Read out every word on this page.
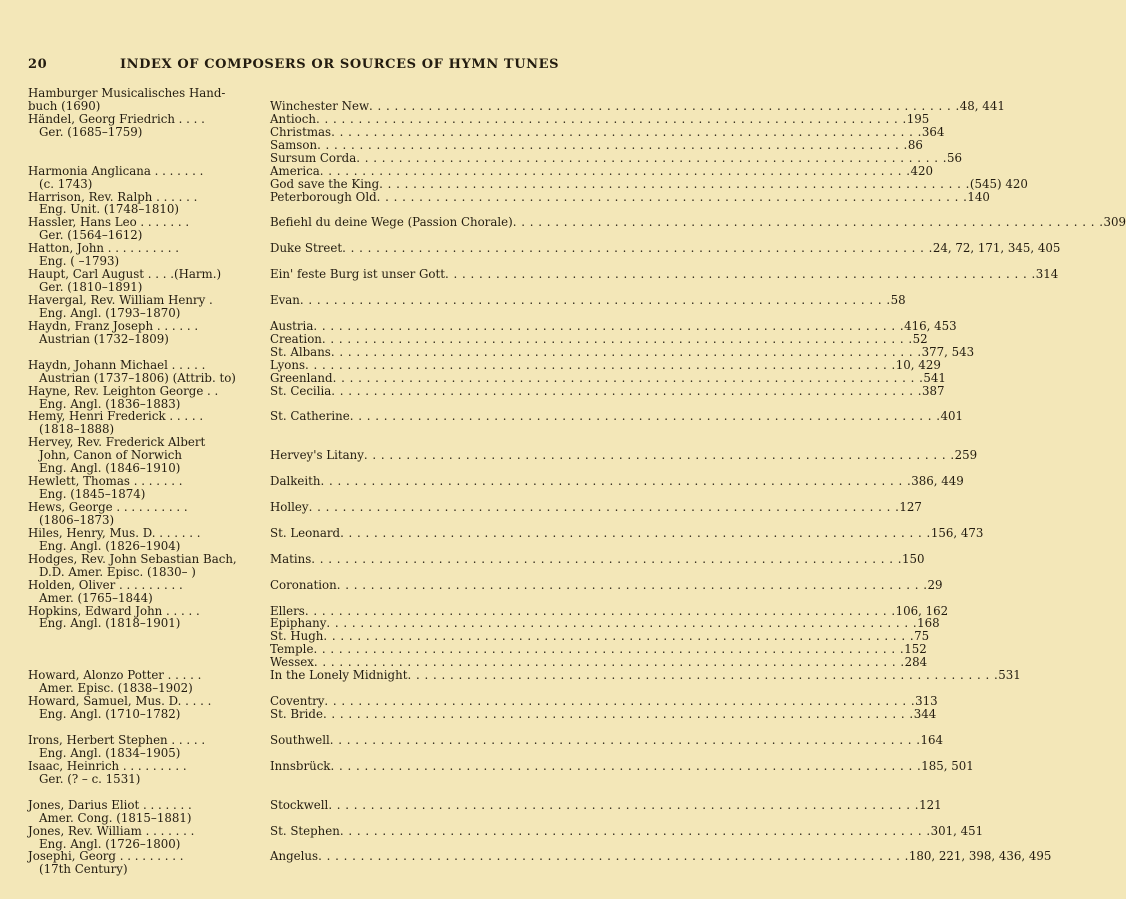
20	INDEX OF COMPOSERS OR SOURCES OF HYMN TUNES
Hamburger Musicalisches Hand-
buch (1690)	Winchester New . . . . . . . . . . . . . . . . . . . . . . . . . . . . . . . . . . . . . . . . . . . . . . . . . . . . . . . . . . . . . . . . . . . . . . 48, 441
Händel, Georg Friedrich . . . .	Antioch . . . . . . . . . . . . . . . . . . . . . . . . . . . . . . . . . . . . . . . . . . . . . . . . . . . . . . . . . . . . . . . . . . . . . . 195
Ger. (1685–1759)	Christmas . . . . . . . . . . . . . . . . . . . . . . . . . . . . . . . . . . . . . . . . . . . . . . . . . . . . . . . . . . . . . . . . . . . . . . 364
Samson . . . . . . . . . . . . . . . . . . . . . . . . . . . . . . . . . . . . . . . . . . . . . . . . . . . . . . . . . . . . . . . . . . . . . . 86
Sursum Corda . . . . . . . . . . . . . . . . . . . . . . . . . . . . . . . . . . . . . . . . . . . . . . . . . . . . . . . . . . . . . . . . . . . . . . 56
Harmonia Anglicana . . . . . . .	America . . . . . . . . . . . . . . . . . . . . . . . . . . . . . . . . . . . . . . . . . . . . . . . . . . . . . . . . . . . . . . . . . . . . . . 420
(c. 1743)	God save the King . . . . . . . . . . . . . . . . . . . . . . . . . . . . . . . . . . . . . . . . . . . . . . . . . . . . . . . . . . . . . . . . . . . . . . (545) 420
Harrison, Rev. Ralph . . . . . .	Peterborough Old . . . . . . . . . . . . . . . . . . . . . . . . . . . . . . . . . . . . . . . . . . . . . . . . . . . . . . . . . . . . . . . . . . . . . . 140
Eng. Unit. (1748–1810)
Hassler, Hans Leo . . . . . . .	Befiehl du deine Wege (Passion Chorale) . . . . . . . . . . . . . . . . . . . . . . . . . . . . . . . . . . . . . . . . . . . . . . . . . . . . . . . . . . . . . . . . . . . . . . 309
Ger. (1564–1612)
Hatton, John . . . . . . . . . .	Duke Street . . . . . . . . . . . . . . . . . . . . . . . . . . . . . . . . . . . . . . . . . . . . . . . . . . . . . . . . . . . . . . . . . . . . . . 24, 72, 171, 345, 405
Eng. ( –1793)
Haupt, Carl August . . . .(Harm.)	Ein' feste Burg ist unser Gott . . . . . . . . . . . . . . . . . . . . . . . . . . . . . . . . . . . . . . . . . . . . . . . . . . . . . . . . . . . . . . . . . . . . . . 314
Ger. (1810–1891)
Havergal, Rev. William Henry .	Evan . . . . . . . . . . . . . . . . . . . . . . . . . . . . . . . . . . . . . . . . . . . . . . . . . . . . . . . . . . . . . . . . . . . . . . 58
Eng. Angl. (1793–1870)
Haydn, Franz Joseph . . . . . .	Austria . . . . . . . . . . . . . . . . . . . . . . . . . . . . . . . . . . . . . . . . . . . . . . . . . . . . . . . . . . . . . . . . . . . . . . 416, 453
Austrian (1732–1809)	Creation . . . . . . . . . . . . . . . . . . . . . . . . . . . . . . . . . . . . . . . . . . . . . . . . . . . . . . . . . . . . . . . . . . . . . . 52
St. Albans . . . . . . . . . . . . . . . . . . . . . . . . . . . . . . . . . . . . . . . . . . . . . . . . . . . . . . . . . . . . . . . . . . . . . . 377, 543
Haydn, Johann Michael . . . . .	Lyons . . . . . . . . . . . . . . . . . . . . . . . . . . . . . . . . . . . . . . . . . . . . . . . . . . . . . . . . . . . . . . . . . . . . . . 10, 429
Austrian (1737–1806) (Attrib. to)	Greenland . . . . . . . . . . . . . . . . . . . . . . . . . . . . . . . . . . . . . . . . . . . . . . . . . . . . . . . . . . . . . . . . . . . . . . 541
Hayne, Rev. Leighton George . .	St. Cecilia . . . . . . . . . . . . . . . . . . . . . . . . . . . . . . . . . . . . . . . . . . . . . . . . . . . . . . . . . . . . . . . . . . . . . . 387
Eng. Angl. (1836–1883)
Hemy, Henri Frederick . . . . .	St. Catherine . . . . . . . . . . . . . . . . . . . . . . . . . . . . . . . . . . . . . . . . . . . . . . . . . . . . . . . . . . . . . . . . . . . . . . 401
(1818–1888)
Hervey, Rev. Frederick Albert
John, Canon of Norwich	Hervey's Litany . . . . . . . . . . . . . . . . . . . . . . . . . . . . . . . . . . . . . . . . . . . . . . . . . . . . . . . . . . . . . . . . . . . . . . 259
Eng. Angl. (1846–1910)
Hewlett, Thomas . . . . . . .	Dalkeith . . . . . . . . . . . . . . . . . . . . . . . . . . . . . . . . . . . . . . . . . . . . . . . . . . . . . . . . . . . . . . . . . . . . . . 386, 449
Eng. (1845–1874)
Hews, George . . . . . . . . . .	Holley . . . . . . . . . . . . . . . . . . . . . . . . . . . . . . . . . . . . . . . . . . . . . . . . . . . . . . . . . . . . . . . . . . . . . . 127
(1806–1873)
Hiles, Henry, Mus. D. . . . . . .	St. Leonard . . . . . . . . . . . . . . . . . . . . . . . . . . . . . . . . . . . . . . . . . . . . . . . . . . . . . . . . . . . . . . . . . . . . . . 156, 473
Eng. Angl. (1826–1904)
Hodges, Rev. John Sebastian Bach,	Matins . . . . . . . . . . . . . . . . . . . . . . . . . . . . . . . . . . . . . . . . . . . . . . . . . . . . . . . . . . . . . . . . . . . . . . 150
D.D. Amer. Episc. (1830– )
Holden, Oliver . . . . . . . . .	Coronation . . . . . . . . . . . . . . . . . . . . . . . . . . . . . . . . . . . . . . . . . . . . . . . . . . . . . . . . . . . . . . . . . . . . . . 29
Amer. (1765–1844)
Hopkins, Edward John . . . . .	Ellers . . . . . . . . . . . . . . . . . . . . . . . . . . . . . . . . . . . . . . . . . . . . . . . . . . . . . . . . . . . . . . . . . . . . . . 106, 162
Eng. Angl. (1818–1901)	Epiphany . . . . . . . . . . . . . . . . . . . . . . . . . . . . . . . . . . . . . . . . . . . . . . . . . . . . . . . . . . . . . . . . . . . . . . 168
St. Hugh . . . . . . . . . . . . . . . . . . . . . . . . . . . . . . . . . . . . . . . . . . . . . . . . . . . . . . . . . . . . . . . . . . . . . . 75
Temple . . . . . . . . . . . . . . . . . . . . . . . . . . . . . . . . . . . . . . . . . . . . . . . . . . . . . . . . . . . . . . . . . . . . . . 152
Wessex . . . . . . . . . . . . . . . . . . . . . . . . . . . . . . . . . . . . . . . . . . . . . . . . . . . . . . . . . . . . . . . . . . . . . . 284
Howard, Alonzo Potter . . . . .	In the Lonely Midnight . . . . . . . . . . . . . . . . . . . . . . . . . . . . . . . . . . . . . . . . . . . . . . . . . . . . . . . . . . . . . . . . . . . . . . 531
Amer. Episc. (1838–1902)
Howard, Samuel, Mus. D. . . . .	Coventry . . . . . . . . . . . . . . . . . . . . . . . . . . . . . . . . . . . . . . . . . . . . . . . . . . . . . . . . . . . . . . . . . . . . . . 313
Eng. Angl. (1710–1782)	St. Bride . . . . . . . . . . . . . . . . . . . . . . . . . . . . . . . . . . . . . . . . . . . . . . . . . . . . . . . . . . . . . . . . . . . . . . 344
Irons, Herbert Stephen . . . . .	Southwell . . . . . . . . . . . . . . . . . . . . . . . . . . . . . . . . . . . . . . . . . . . . . . . . . . . . . . . . . . . . . . . . . . . . . . 164
Eng. Angl. (1834–1905)
Isaac, Heinrich . . . . . . . . .	Innsbrück . . . . . . . . . . . . . . . . . . . . . . . . . . . . . . . . . . . . . . . . . . . . . . . . . . . . . . . . . . . . . . . . . . . . . . 185, 501
Ger. (? – c. 1531)
Jones, Darius Eliot . . . . . . .	Stockwell . . . . . . . . . . . . . . . . . . . . . . . . . . . . . . . . . . . . . . . . . . . . . . . . . . . . . . . . . . . . . . . . . . . . . . 121
Amer. Cong. (1815–1881)
Jones, Rev. William . . . . . . .	St. Stephen . . . . . . . . . . . . . . . . . . . . . . . . . . . . . . . . . . . . . . . . . . . . . . . . . . . . . . . . . . . . . . . . . . . . . . 301, 451
Eng. Angl. (1726–1800)
Josephi, Georg . . . . . . . . .	Angelus . . . . . . . . . . . . . . . . . . . . . . . . . . . . . . . . . . . . . . . . . . . . . . . . . . . . . . . . . . . . . . . . . . . . . . 180, 221, 398, 436, 495
(17th Century)
